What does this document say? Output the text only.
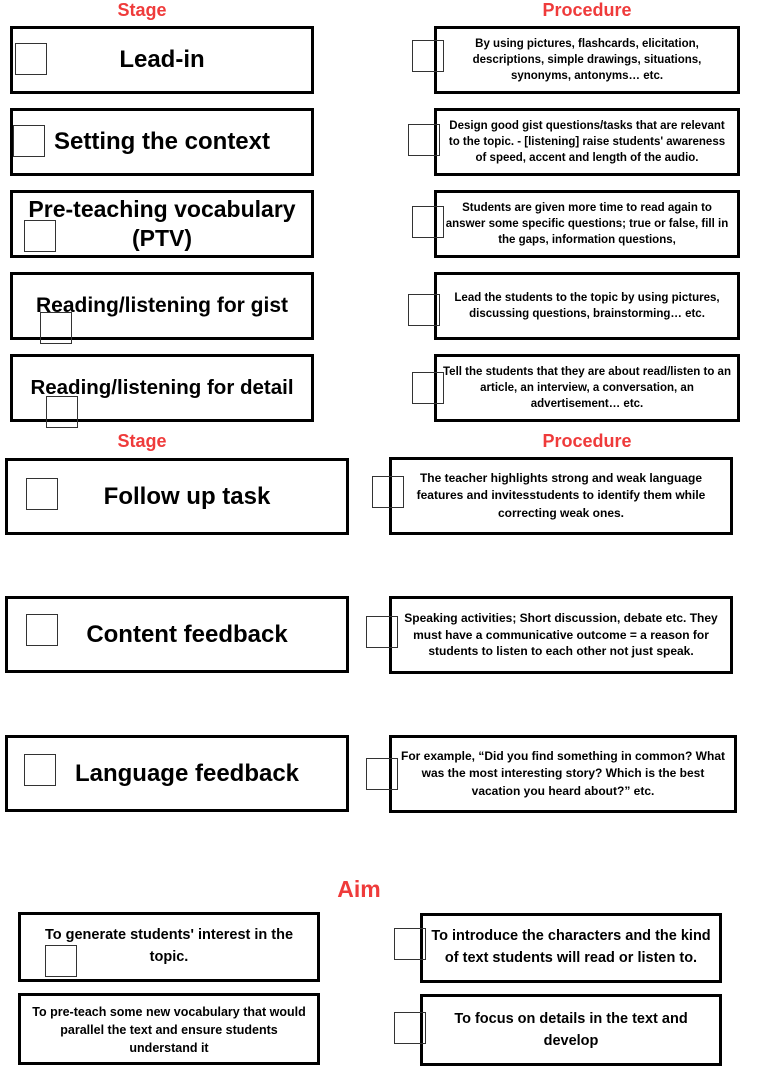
Stage	Procedure
Lead-in
Setting the context
Pre-teaching vocabulary (PTV)
Reading/listening for gist
Reading/listening for detail
By using pictures, flashcards, elicitation, descriptions, simple drawings, situations, synonyms, antonyms… etc.
Design good gist questions/tasks that are relevant to the topic. - [listening] raise students' awareness of speed, accent and length of the audio.
Students are given more time to read again to answer some specific questions; true or false, fill in the gaps, information questions,
Lead the students to the topic by using pictures, discussing questions, brainstorming… etc.
Tell the students that they are about read/listen to an article, an interview, a conversation, an advertisement… etc.
Stage	Procedure
Follow up task
Content feedback
Language feedback
The teacher highlights strong and weak language features and invitesstudents to identify them while correcting weak ones.
Speaking activities; Short discussion, debate etc. They must have a communicative outcome = a reason for students to listen to each other not just speak.
For example, “Did you find something in common? What was the most interesting story? Which is the best vacation you heard about?” etc.
Aim
To generate students' interest in the topic.
To introduce the characters and the kind of text students will read or listen to.
To pre-teach some new vocabulary that would parallel the text and ensure students understand it
To focus on details in the text and develop
